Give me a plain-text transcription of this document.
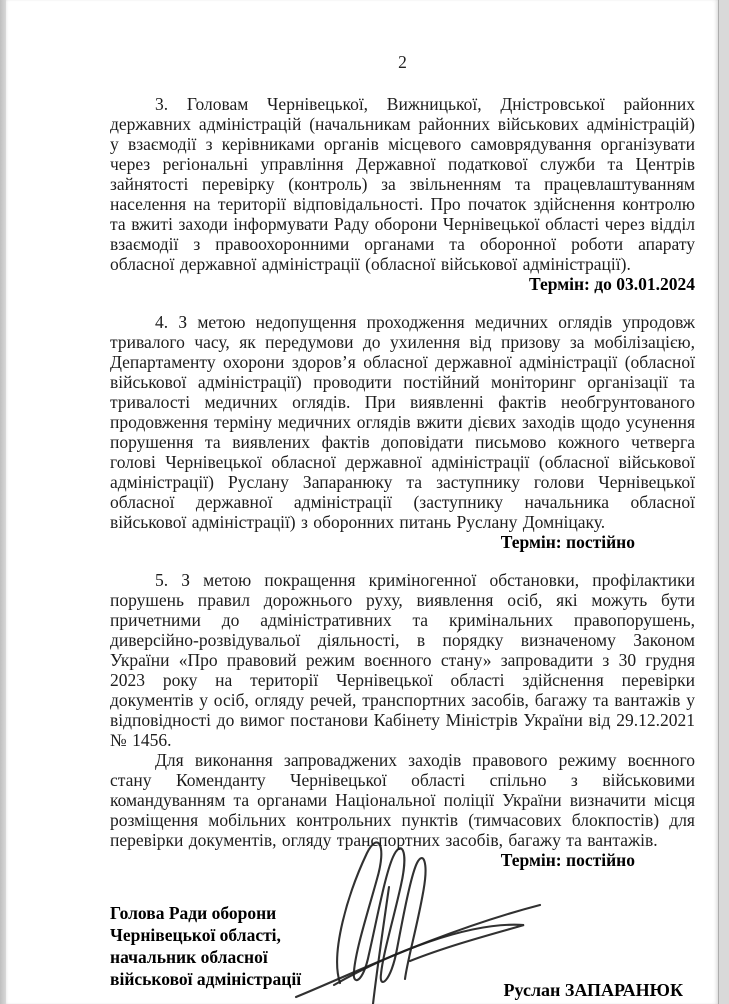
2

3. Головам Чернівецької, Вижницької, Дністровської районних державних адміністрацій (начальникам районних військових адміністрацій) у взаємодії з керівниками органів місцевого самоврядування організувати через регіональні управління Державної податкової служби та Центрів зайнятості перевірку (контроль) за звільненням та працевлаштуванням населення на території відповідальності. Про початок здійснення контролю та вжиті заходи інформувати Раду оборони Чернівецької області через відділ взаємодії з правоохоронними органами та оборонної роботи апарату обласної державної адміністрації (обласної військової адміністрації).

Термін: до 03.01.2024

4. З метою недопущення проходження медичних оглядів упродовж тривалого часу, як передумови до ухилення від призову за мобілізацією, Департаменту охорони здоров’я обласної державної адміністрації (обласної військової адміністрації) проводити постійний моніторинг організації та тривалості медичних оглядів. При виявленні фактів необгрунтованого продовження терміну медичних оглядів вжити дієвих заходів щодо усунення порушення та виявлених фактів доповідати письмово кожного четверга голові Чернівецької обласної державної адміністрації (обласної військової адміністрації) Руслану Запаранюку та заступнику голови Чернівецької обласної державної адміністрації (заступнику начальника обласної військової адміністрації) з оборонних питань Руслану Домніцаку.

Термін: постійно

5. З метою покращення криміногенної обстановки, профілактики порушень правил дорожнього руху, виявлення осіб, які можуть бути причетними до адміністративних та кримінальних правопорушень, диверсійно-розвідувальої діяльності, в по́рядку визначеному Законом України «Про правовий режим воєнного стану» запровадити з 30 грудня 2023 року на території Чернівецької області здійснення перевірки документів у осіб, огляду речей, транспортних засобів, багажу та вантажів у відповідності до вимог постанови Кабінету Міністрів України від 29.12.2021 № 1456.

Для виконання запроваджених заходів правового режиму воєнного стану Коменданту Чернівецької області спільно з військовими командуванням та органами Національної поліції України визначити місця розміщення мобільних контрольних пунктів (тимчасових блокпостів) для перевірки документів, огляду транспортних засобів, багажу та вантажів.

Термін: постійно
Голова Ради оборони
Чернівецької області,
начальник обласної
військової адміністрації
Руслан ЗАПАРАНЮК
